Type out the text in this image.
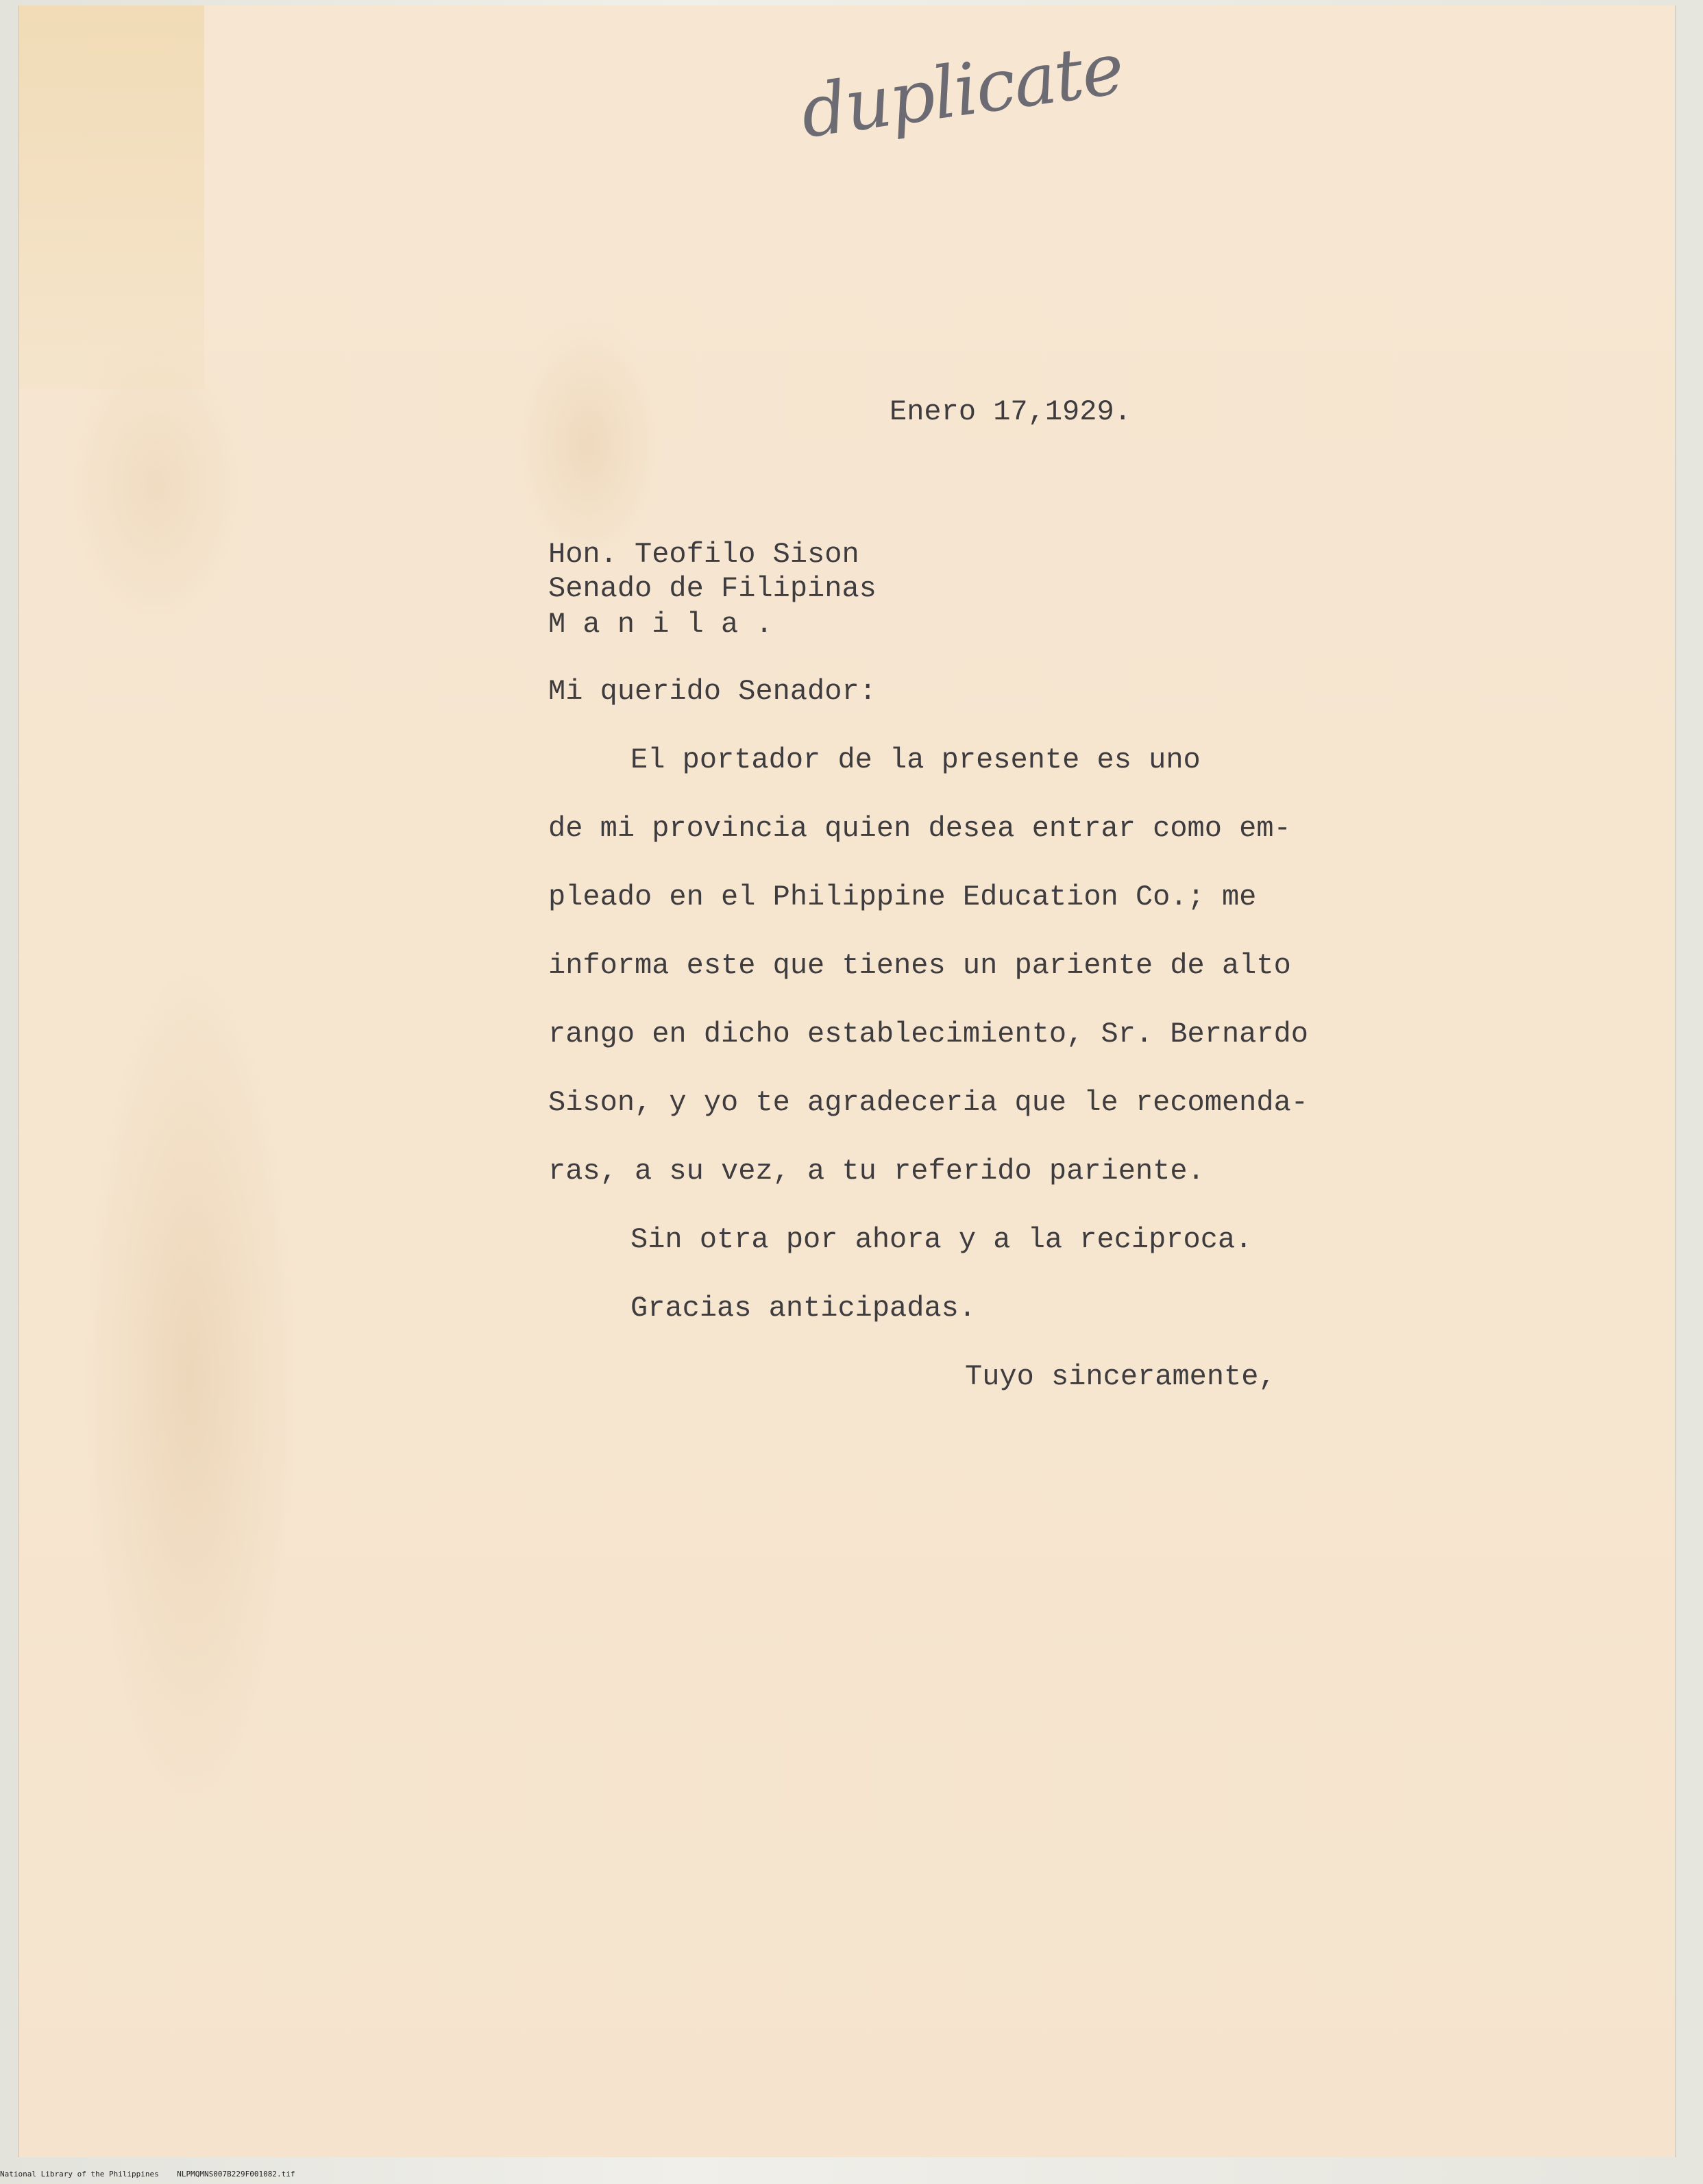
duplicate

Enero 17,1929.

Hon. Teofilo Sison

Senado de Filipinas

M a n i l a .

Mi querido Senador:

El portador de la presente es uno

de mi provincia quien desea entrar como em-

pleado en el Philippine Education Co.; me

informa este que tienes un pariente de alto

rango en dicho establecimiento, Sr. Bernardo

Sison, y yo te agradeceria que le recomenda-

ras, a su vez, a tu referido pariente.

Sin otra por ahora y a la reciproca.

Gracias anticipadas.

Tuyo sinceramente,

National Library of the Philippines NLPMQMNS007B229F001082.tif
